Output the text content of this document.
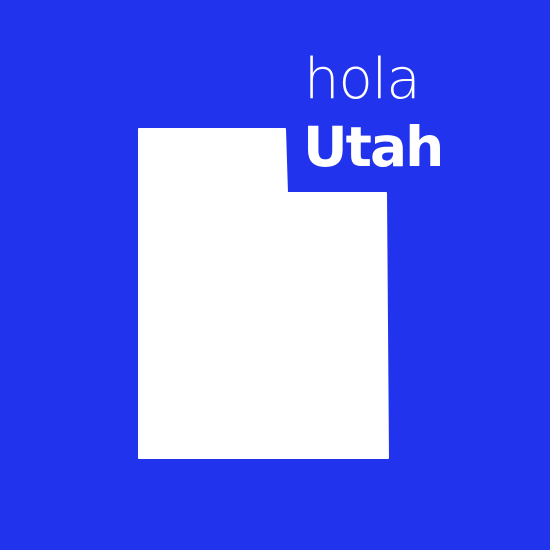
hola
Utah
